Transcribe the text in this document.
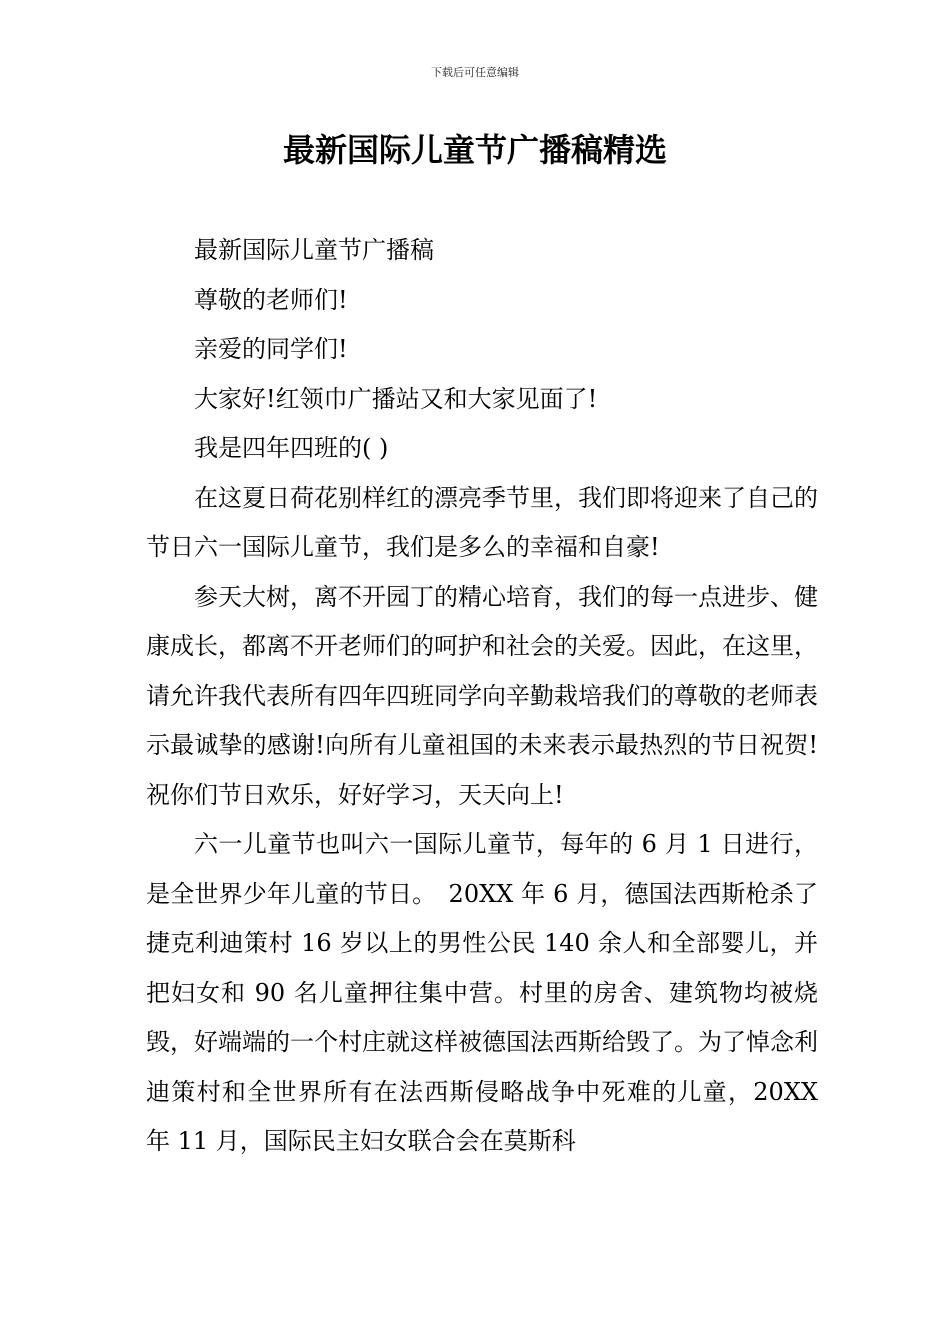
下载后可任意编辑
最新国际儿童节广播稿精选

最新国际儿童节广播稿

尊敬的老师们!

亲爱的同学们!

大家好!红领巾广播站又和大家见面了!

我是四年四班的( )

在这夏日荷花别样红的漂亮季节里，我们即将迎来了自己的节日六一国际儿童节，我们是多么的幸福和自豪!

参天大树，离不开园丁的精心培育，我们的每一点进步、健康成长，都离不开老师们的呵护和社会的关爱。因此，在这里，请允许我代表所有四年四班同学向辛勤栽培我们的尊敬的老师表示最诚挚的感谢!向所有儿童祖国的未来表示最热烈的节日祝贺!祝你们节日欢乐，好好学习，天天向上!

六一儿童节也叫六一国际儿童节，每年的 6 月 1 日进行，是全世界少年儿童的节日。　20XX 年 6 月，德国法西斯枪杀了捷克利迪策村 16 岁以上的男性公民 140 余人和全部婴儿，并把妇女和 90 名儿童押往集中营。村里的房舍、建筑物均被烧毁，好端端的一个村庄就这样被德国法西斯给毁了。为了悼念利迪策村和全世界所有在法西斯侵略战争中死难的儿童，20XX 年 11 月，国际民主妇女联合会在莫斯科
